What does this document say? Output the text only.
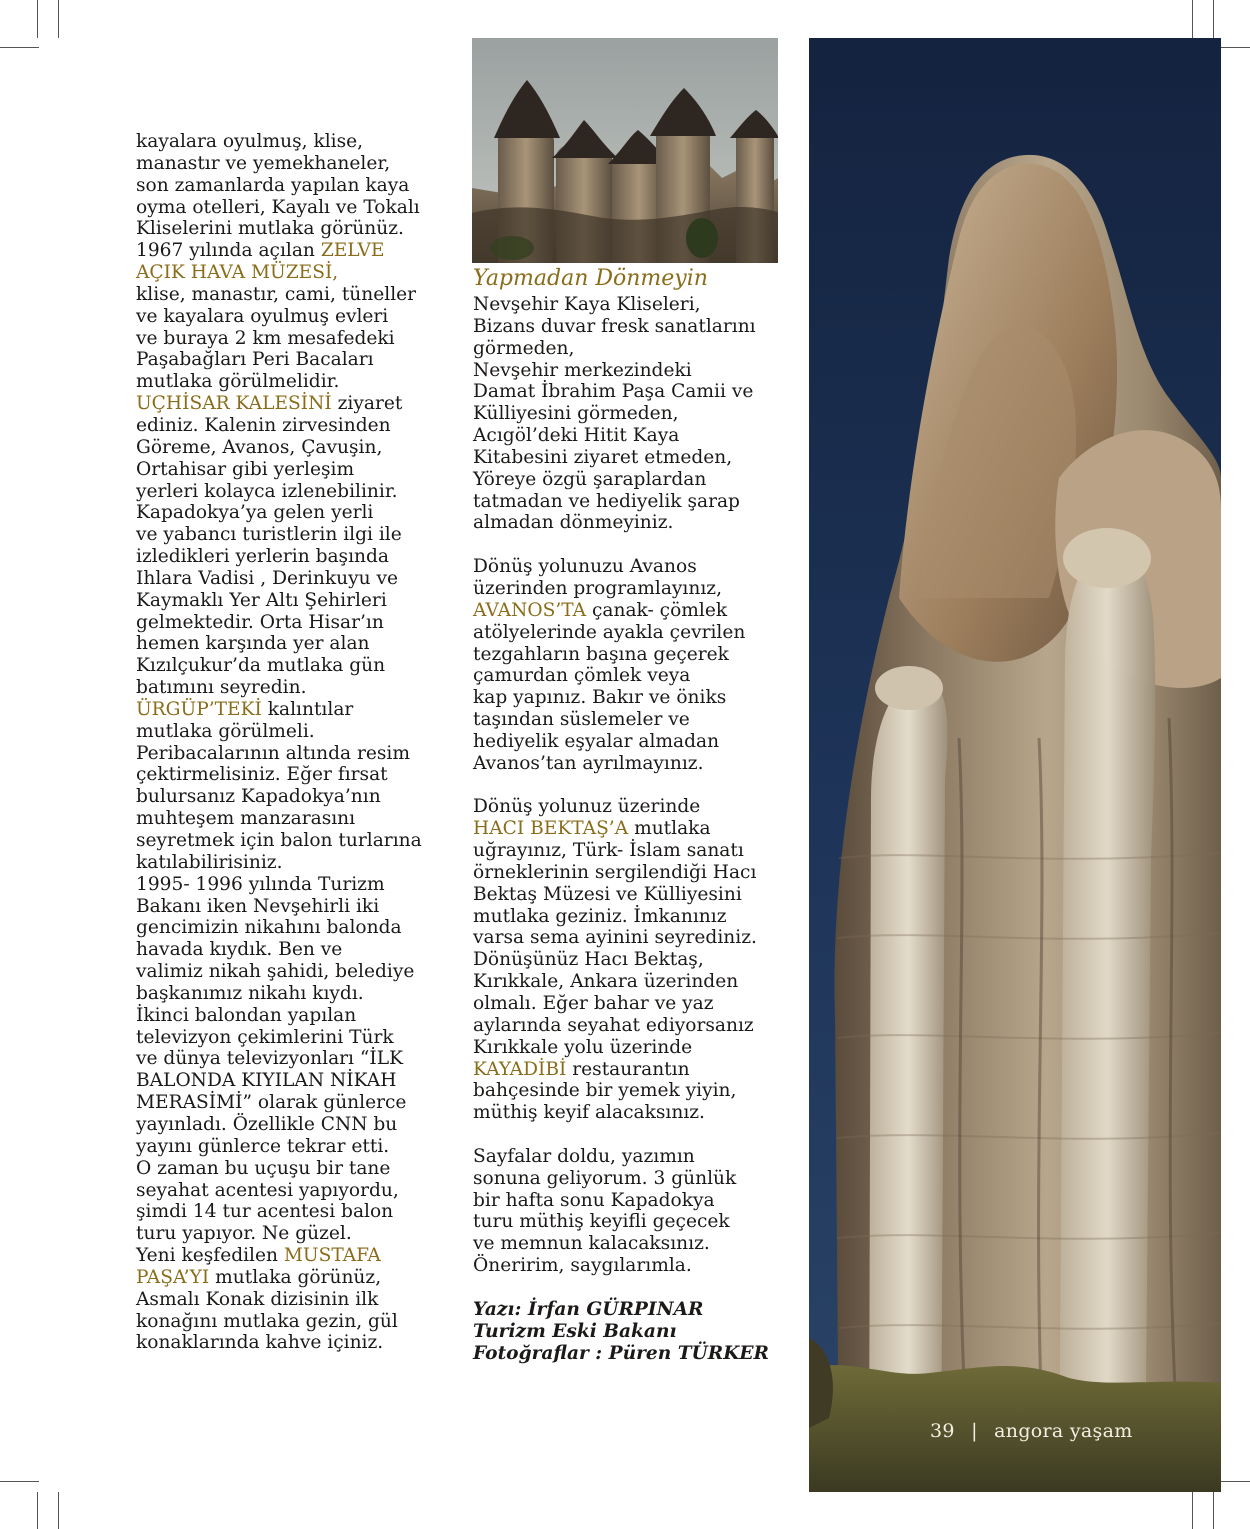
kayalara oyulmuş, klise,
manastır ve yemekhaneler,
son zamanlarda yapılan kaya
oyma otelleri, Kayalı ve Tokalı
Kliselerini mutlaka görünüz.
1967 yılında açılan ZELVE
AÇIK HAVA MÜZESİ,
klise, manastır, cami, tüneller
ve kayalara oyulmuş evleri
ve buraya 2 km mesafedeki
Paşabağları Peri Bacaları
mutlaka görülmelidir.
UÇHİSAR KALESİNİ ziyaret
ediniz. Kalenin zirvesinden
Göreme, Avanos, Çavuşin,
Ortahisar gibi yerleşim
yerleri kolayca izlenebilinir.
Kapadokya’ya gelen yerli
ve yabancı turistlerin ilgi ile
izledikleri yerlerin başında
Ihlara Vadisi , Derinkuyu ve
Kaymaklı Yer Altı Şehirleri
gelmektedir. Orta Hisar’ın
hemen karşında yer alan
Kızılçukur’da mutlaka gün
batımını seyredin.
ÜRGÜP’TEKİ kalıntılar
mutlaka görülmeli.
Peribacalarının altında resim
çektirmelisiniz. Eğer fırsat
bulursanız Kapadokya’nın
muhteşem manzarasını
seyretmek için balon turlarına
katılabilirisiniz.
1995- 1996 yılında Turizm
Bakanı iken Nevşehirli iki
gencimizin nikahını balonda
havada kıydık. Ben ve
valimiz nikah şahidi, belediye
başkanımız nikahı kıydı.
İkinci balondan yapılan
televizyon çekimlerini Türk
ve dünya televizyonları “İLK
BALONDA KIYILAN NİKAH
MERASİMİ” olarak günlerce
yayınladı. Özellikle CNN bu
yayını günlerce tekrar etti.
O zaman bu uçuşu bir tane
seyahat acentesi yapıyordu,
şimdi 14 tur acentesi balon
turu yapıyor. Ne güzel.
Yeni keşfedilen MUSTAFA
PAŞA’YI mutlaka görünüz,
Asmalı Konak dizisinin ilk
konağını mutlaka gezin, gül
konaklarında kahve içiniz.
Yapmadan Dönmeyin

Nevşehir Kaya Kliseleri,
Bizans duvar fresk sanatlarını
görmeden,
Nevşehir merkezindeki
Damat İbrahim Paşa Camii ve
Külliyesini görmeden,
Acıgöl’deki Hitit Kaya
Kitabesini ziyaret etmeden,
Yöreye özgü şaraplardan
tatmadan ve hediyelik şarap
almadan dönmeyiniz.

Dönüş yolunuzu Avanos
üzerinden programlayınız,
AVANOS’TA çanak- çömlek
atölyelerinde ayakla çevrilen
tezgahların başına geçerek
çamurdan çömlek veya
kap yapınız. Bakır ve öniks
taşından süslemeler ve
hediyelik eşyalar almadan
Avanos’tan ayrılmayınız.

Dönüş yolunuz üzerinde
HACI BEKTAŞ’A mutlaka
uğrayınız, Türk- İslam sanatı
örneklerinin sergilendiği Hacı
Bektaş Müzesi ve Külliyesini
mutlaka geziniz. İmkanınız
varsa sema ayinini seyrediniz.
Dönüşünüz Hacı Bektaş,
Kırıkkale, Ankara üzerinden
olmalı. Eğer bahar ve yaz
aylarında seyahat ediyorsanız
Kırıkkale yolu üzerinde
KAYADİBİ restaurantın
bahçesinde bir yemek yiyin,
müthiş keyif alacaksınız.

Sayfalar doldu, yazımın
sonuna geliyorum. 3 günlük
bir hafta sonu Kapadokya
turu müthiş keyifli geçecek
ve memnun kalacaksınız.
Öneririm, saygılarımla.

Yazı: İrfan GÜRPINAR
Turizm Eski Bakanı
Fotoğraflar : Püren TÜRKER
39 | angora yaşam
